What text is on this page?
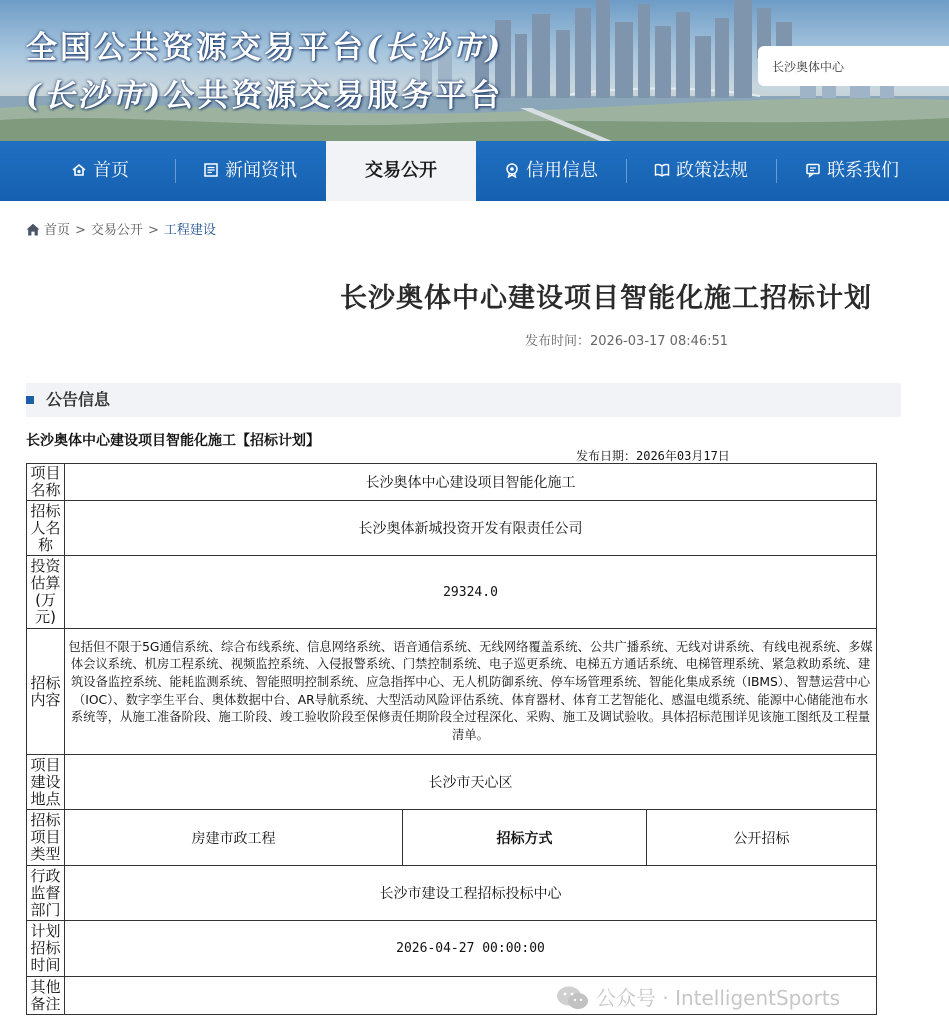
全国公共资源交易平台(长沙市)
(长沙市)公共资源交易服务平台
长沙奥体中心
首页	新闻资讯	交易公开	信用信息	政策法规	联系我们
首页 > 交易公开 > 工程建设
长沙奥体中心建设项目智能化施工招标计划
发布时间：2026-03-17 08:46:51
公告信息
长沙奥体中心建设项目智能化施工【招标计划】
发布日期：2026年03月17日
项目名称	长沙奥体中心建设项目智能化施工		
招标人名称	长沙奥体新城投资开发有限责任公司		
投资估算(万元)	29324.0		
招标内容	包括但不限于5G通信系统、综合布线系统、信息网络系统、语音通信系统、无线网络覆盖系统、公共广播系统、无线对讲系统、有线电视系统、多媒体会议系统、机房工程系统、视频监控系统、入侵报警系统、门禁控制系统、电子巡更系统、电梯五方通话系统、电梯管理系统、紧急救助系统、建筑设备监控系统、能耗监测系统、智能照明控制系统、应急指挥中心、无人机防御系统、停车场管理系统、智能化集成系统（IBMS）、智慧运营中心（IOC）、数字孪生平台、奥体数据中台、AR导航系统、大型活动风险评估系统、体育器材、体育工艺智能化、感温电缆系统、能源中心储能池布水系统等，从施工准备阶段、施工阶段、竣工验收阶段至保修责任期阶段全过程深化、采购、施工及调试验收。具体招标范围详见该施工图纸及工程量清单。		
项目建设地点	长沙市天心区		
招标项目类型	房建市政工程	招标方式	公开招标
行政监督部门	长沙市建设工程招标投标中心		
计划招标时间	2026-04-27 00:00:00		
其他备注				公众号 · IntelligentSports
